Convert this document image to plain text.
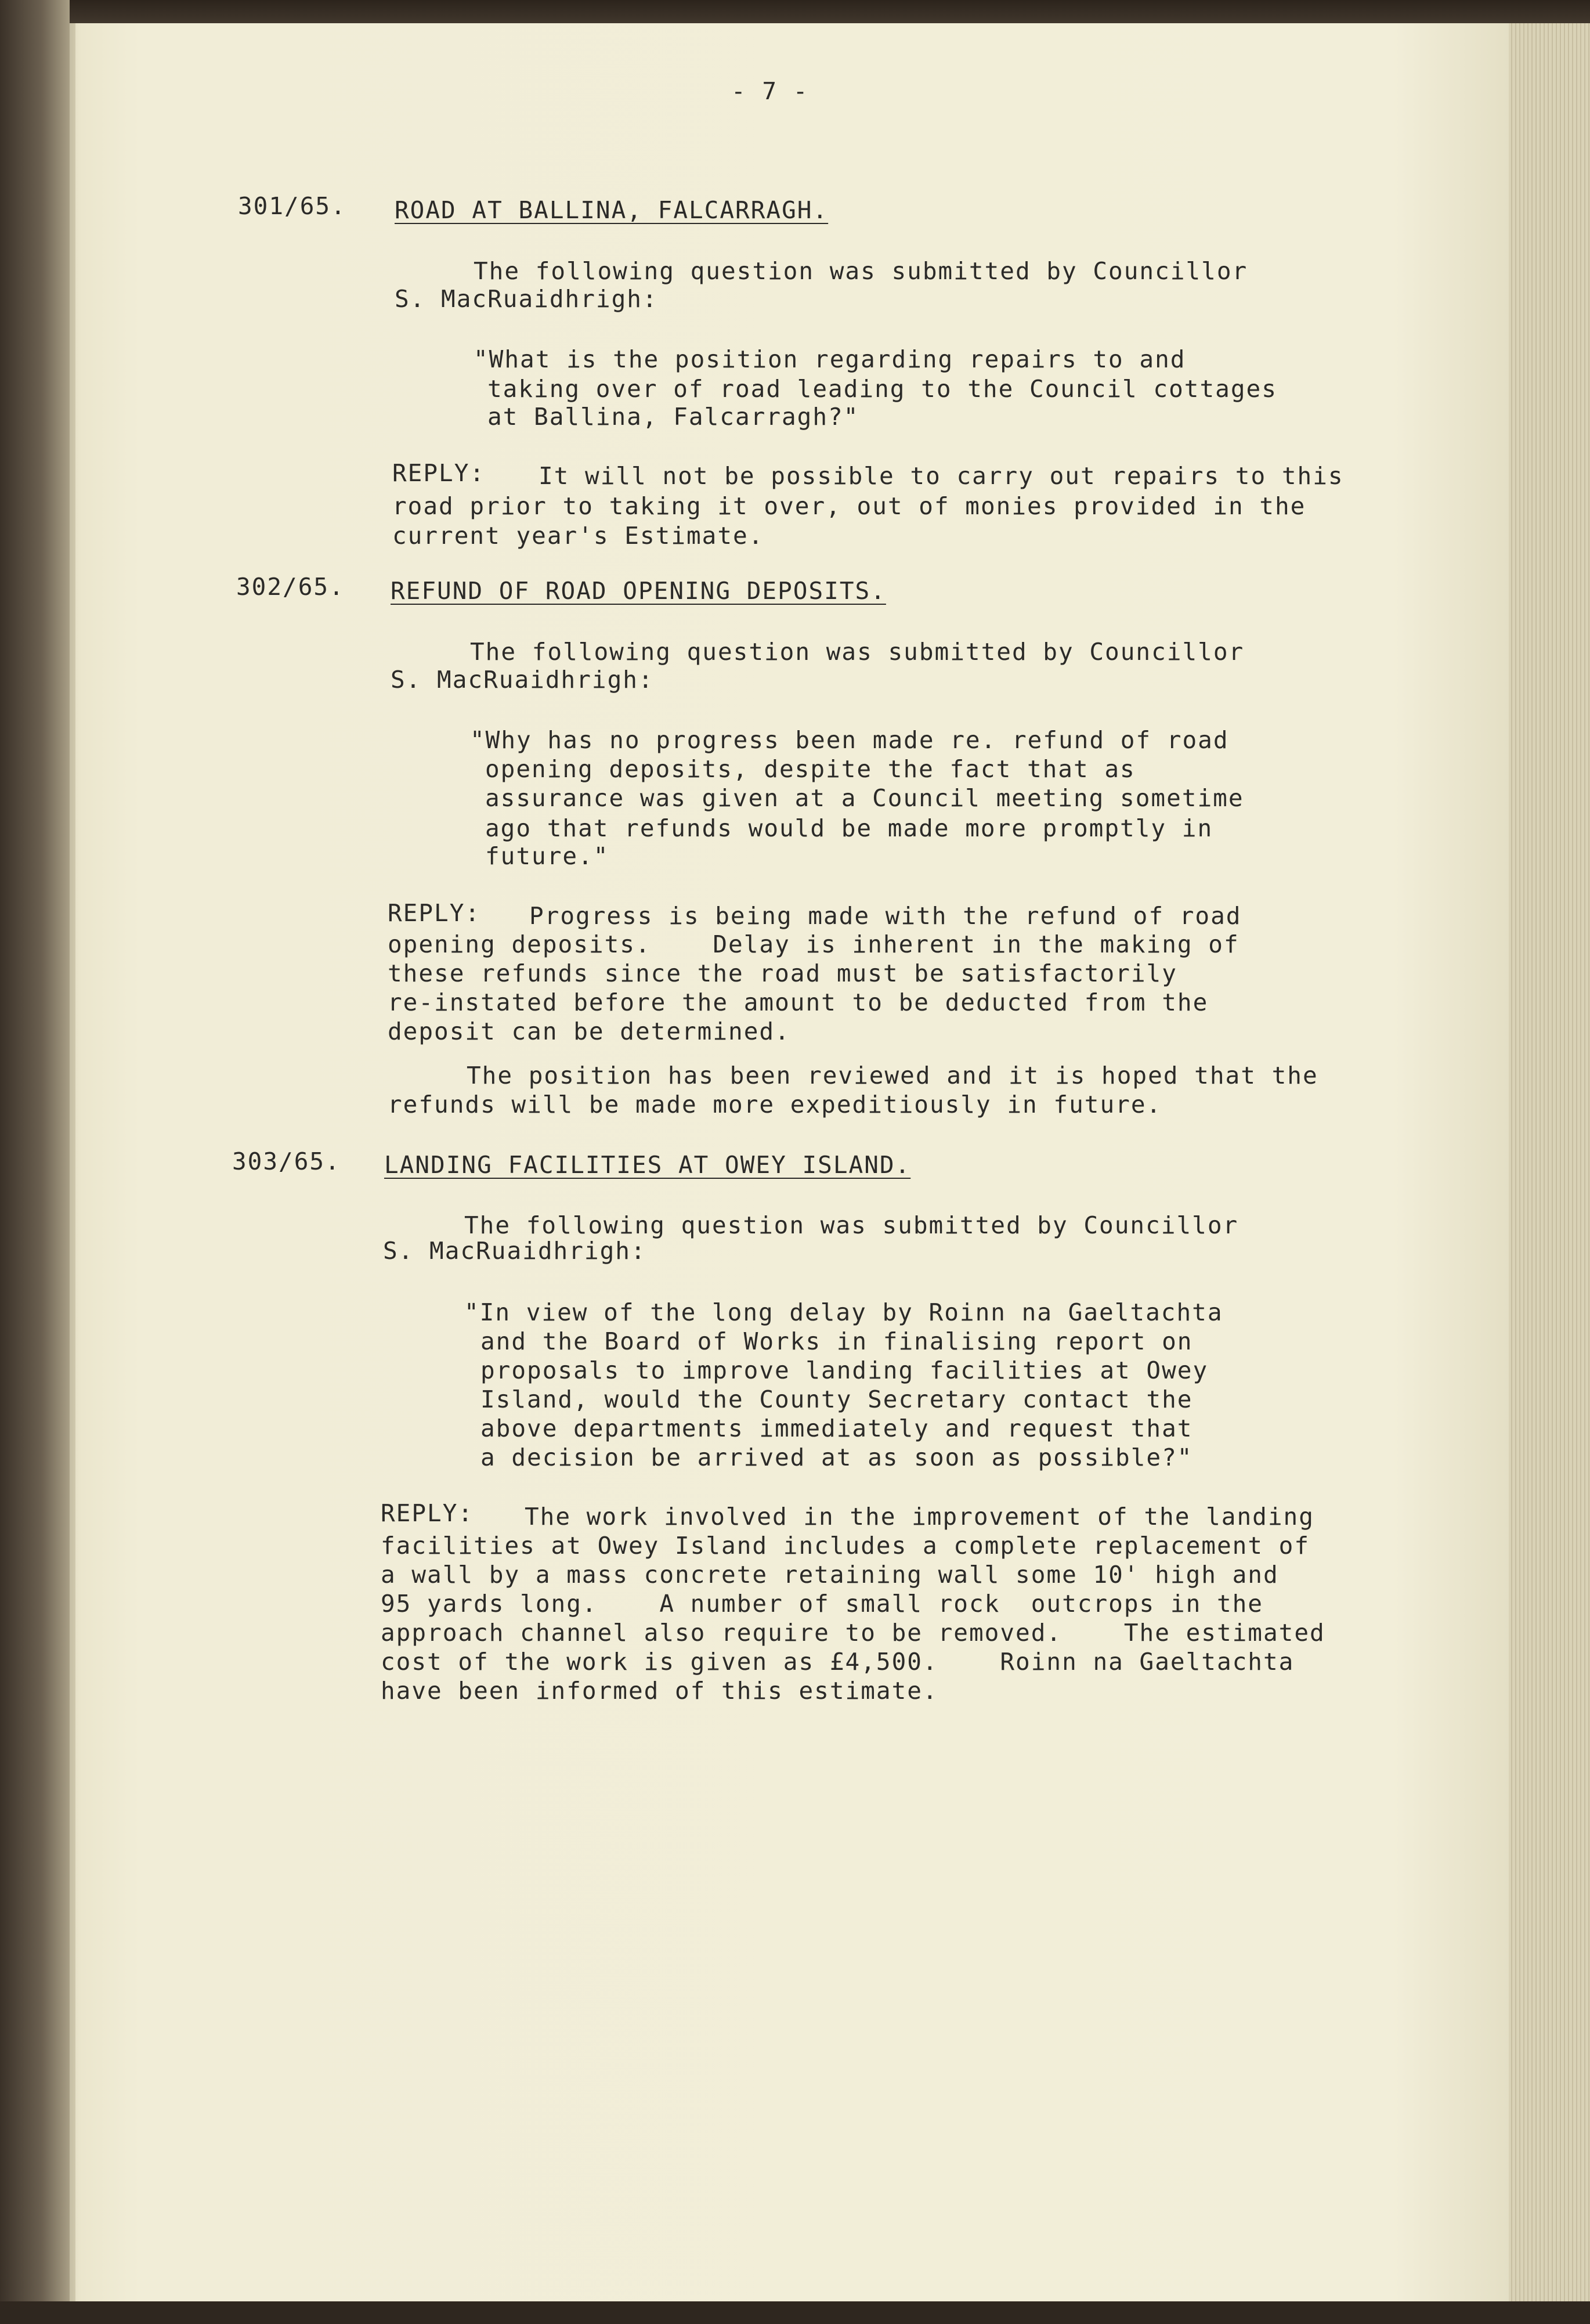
- 7 -
301/65. ROAD AT BALLINA, FALCARRAGH.
The following question was submitted by Councillor
S. MacRuaidhrigh:
"What is the position regarding repairs to and
taking over of road leading to the Council cottages
at Ballina, Falcarragh?"
REPLY: It will not be possible to carry out repairs to this
road prior to taking it over, out of monies provided in the
current year's Estimate.
302/65. REFUND OF ROAD OPENING DEPOSITS.
The following question was submitted by Councillor
S. MacRuaidhrigh:
"Why has no progress been made re. refund of road
opening deposits, despite the fact that as
assurance was given at a Council meeting sometime
ago that refunds would be made more promptly in
future."
REPLY: Progress is being made with the refund of road
opening deposits.    Delay is inherent in the making of
these refunds since the road must be satisfactorily
re-instated before the amount to be deducted from the
deposit can be determined.
The position has been reviewed and it is hoped that the
refunds will be made more expeditiously in future.
303/65. LANDING FACILITIES AT OWEY ISLAND.
The following question was submitted by Councillor
S. MacRuaidhrigh:
"In view of the long delay by Roinn na Gaeltachta
and the Board of Works in finalising report on
proposals to improve landing facilities at Owey
Island, would the County Secretary contact the
above departments immediately and request that
a decision be arrived at as soon as possible?"
REPLY: The work involved in the improvement of the landing
facilities at Owey Island includes a complete replacement of
a wall by a mass concrete retaining wall some 10' high and
95 yards long.    A number of small rock  outcrops in the
approach channel also require to be removed.    The estimated
cost of the work is given as £4,500.    Roinn na Gaeltachta
have been informed of this estimate.
